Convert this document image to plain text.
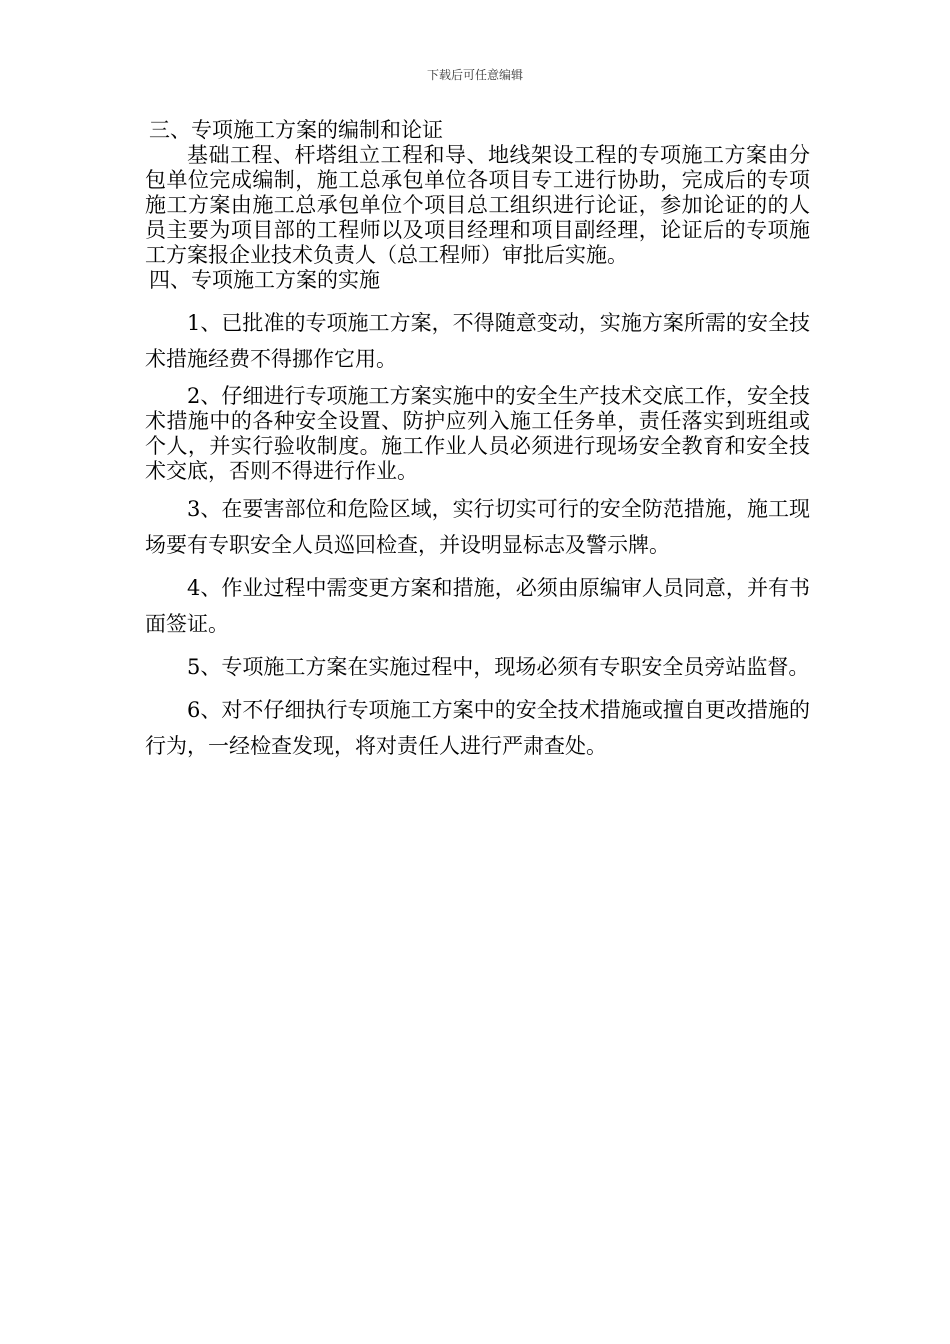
下载后可任意编辑
三、专项施工方案的编制和论证

基础工程、杆塔组立工程和导、地线架设工程的专项施工方案由分包单位完成编制，施工总承包单位各项目专工进行协助，完成后的专项施工方案由施工总承包单位个项目总工组织进行论证，参加论证的的人员主要为项目部的工程师以及项目经理和项目副经理，论证后的专项施工方案报企业技术负责人（总工程师）审批后实施。

四、专项施工方案的实施

1、已批准的专项施工方案，不得随意变动，实施方案所需的安全技术措施经费不得挪作它用。

2、仔细进行专项施工方案实施中的安全生产技术交底工作，安全技术措施中的各种安全设置、防护应列入施工任务单，责任落实到班组或个人，并实行验收制度。施工作业人员必须进行现场安全教育和安全技术交底，否则不得进行作业。

3、在要害部位和危险区域，实行切实可行的安全防范措施，施工现场要有专职安全人员巡回检查，并设明显标志及警示牌。

4、作业过程中需变更方案和措施，必须由原编审人员同意，并有书面签证。

5、专项施工方案在实施过程中，现场必须有专职安全员旁站监督。

6、对不仔细执行专项施工方案中的安全技术措施或擅自更改措施的行为，一经检查发现，将对责任人进行严肃查处。
